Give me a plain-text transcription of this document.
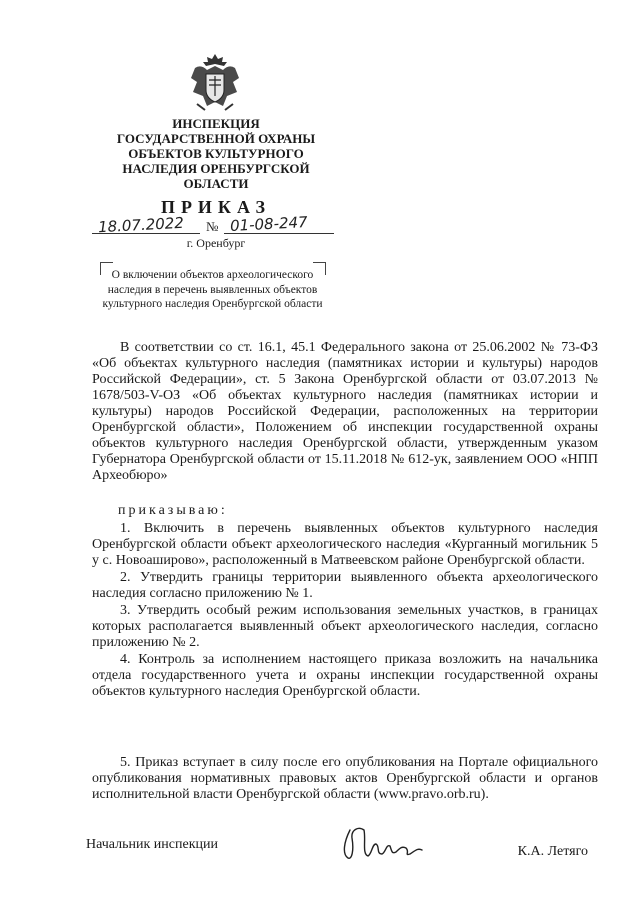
ИНСПЕКЦИЯ
ГОСУДАРСТВЕННОЙ ОХРАНЫ
ОБЪЕКТОВ КУЛЬТУРНОГО
НАСЛЕДИЯ ОРЕНБУРГСКОЙ
ОБЛАСТИ
ПРИКАЗ
18.07.2022 № 01-08-247
г. Оренбург
О включении объектов археологического наследия в перечень выявленных объектов культурного наследия Оренбургской области
В соответствии со ст. 16.1, 45.1 Федерального закона от 25.06.2002 № 73-ФЗ «Об объектах культурного наследия (памятниках истории и культуры) народов Российской Федерации», ст. 5 Закона Оренбургской области от 03.07.2013 № 1678/503-V-ОЗ «Об объектах культурного наследия (памятниках истории и культуры) народов Российской Федерации, расположенных на территории Оренбургской области», Положением об инспекции государственной охраны объектов культурного наследия Оренбургской области, утвержденным указом Губернатора Оренбургской области от 15.11.2018 № 612-ук, заявлением ООО «НПП Археобюро»
приказываю:

1. Включить в перечень выявленных объектов культурного наследия Оренбургской области объект археологического наследия «Курганный могильник 5 у с. Новоаширово», расположенный в Матвеевском районе Оренбургской области.

2. Утвердить границы территории выявленного объекта археологического наследия согласно приложению № 1.

3. Утвердить особый режим использования земельных участков, в границах которых располагается выявленный объект археологического наследия, согласно приложению № 2.

4. Контроль за исполнением настоящего приказа возложить на начальника отдела государственного учета и охраны инспекции государственной охраны объектов культурного наследия Оренбургской области.

5. Приказ вступает в силу после его опубликования на Портале официального опубликования нормативных правовых актов Оренбургской области и органов исполнительной власти Оренбургской области (www.pravo.orb.ru).

Начальник инспекции	К.А. Летяго
